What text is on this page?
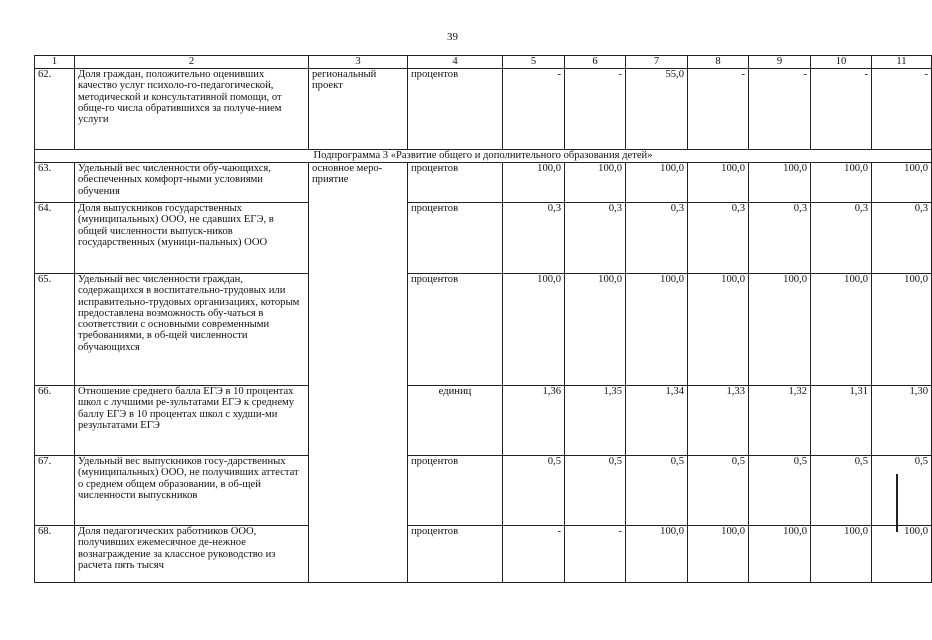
39
1	2	3	4	5	6	7	8	9	10	11
62.	Доля граждан, положительно оценивших качество услуг психоло-го-педагогической, методической и консультативной помощи, от обще-го числа обратившихся за получе-нием услуги	региональный проект	процентов	-	-	55,0	-	-	-	-
Подпрограмма 3 «Развитие общего и дополнительного образования детей»										
63.	Удельный вес численности обу-чающихся, обеспеченных комфорт-ными условиями обучения	основное меро-приятие	процентов	100,0	100,0	100,0	100,0	100,0	100,0	100,0
64.	Доля выпускников государственных (муниципальных) ООО, не сдавших ЕГЭ, в общей численности выпуск-ников государственных (муници-пальных) ООО		процентов	0,3	0,3	0,3	0,3	0,3	0,3	0,3
65.	Удельный вес численности граждан, содержащихся в воспитательно-трудовых или исправительно-трудовых организациях, которым предоставлена возможность обу-чаться в соответствии с основными современными требованиями, в об-щей численности обучающихся		процентов	100,0	100,0	100,0	100,0	100,0	100,0	100,0
66.	Отношение среднего балла ЕГЭ в 10 процентах школ с лучшими ре-зультатами ЕГЭ к среднему баллу ЕГЭ в 10 процентах школ с худши-ми результатами ЕГЭ		единиц	1,36	1,35	1,34	1,33	1,32	1,31	1,30
67.	Удельный вес выпускников госу-дарственных (муниципальных) ООО, не получивших аттестат о среднем общем образовании, в об-щей численности выпускников		процентов	0,5	0,5	0,5	0,5	0,5	0,5	0,5
68.	Доля педагогических работников ООО, получивших ежемесячное де-нежное вознаграждение за классное руководство из расчета пять тысяч		процентов	-	-	100,0	100,0	100,0	100,0	100,0
